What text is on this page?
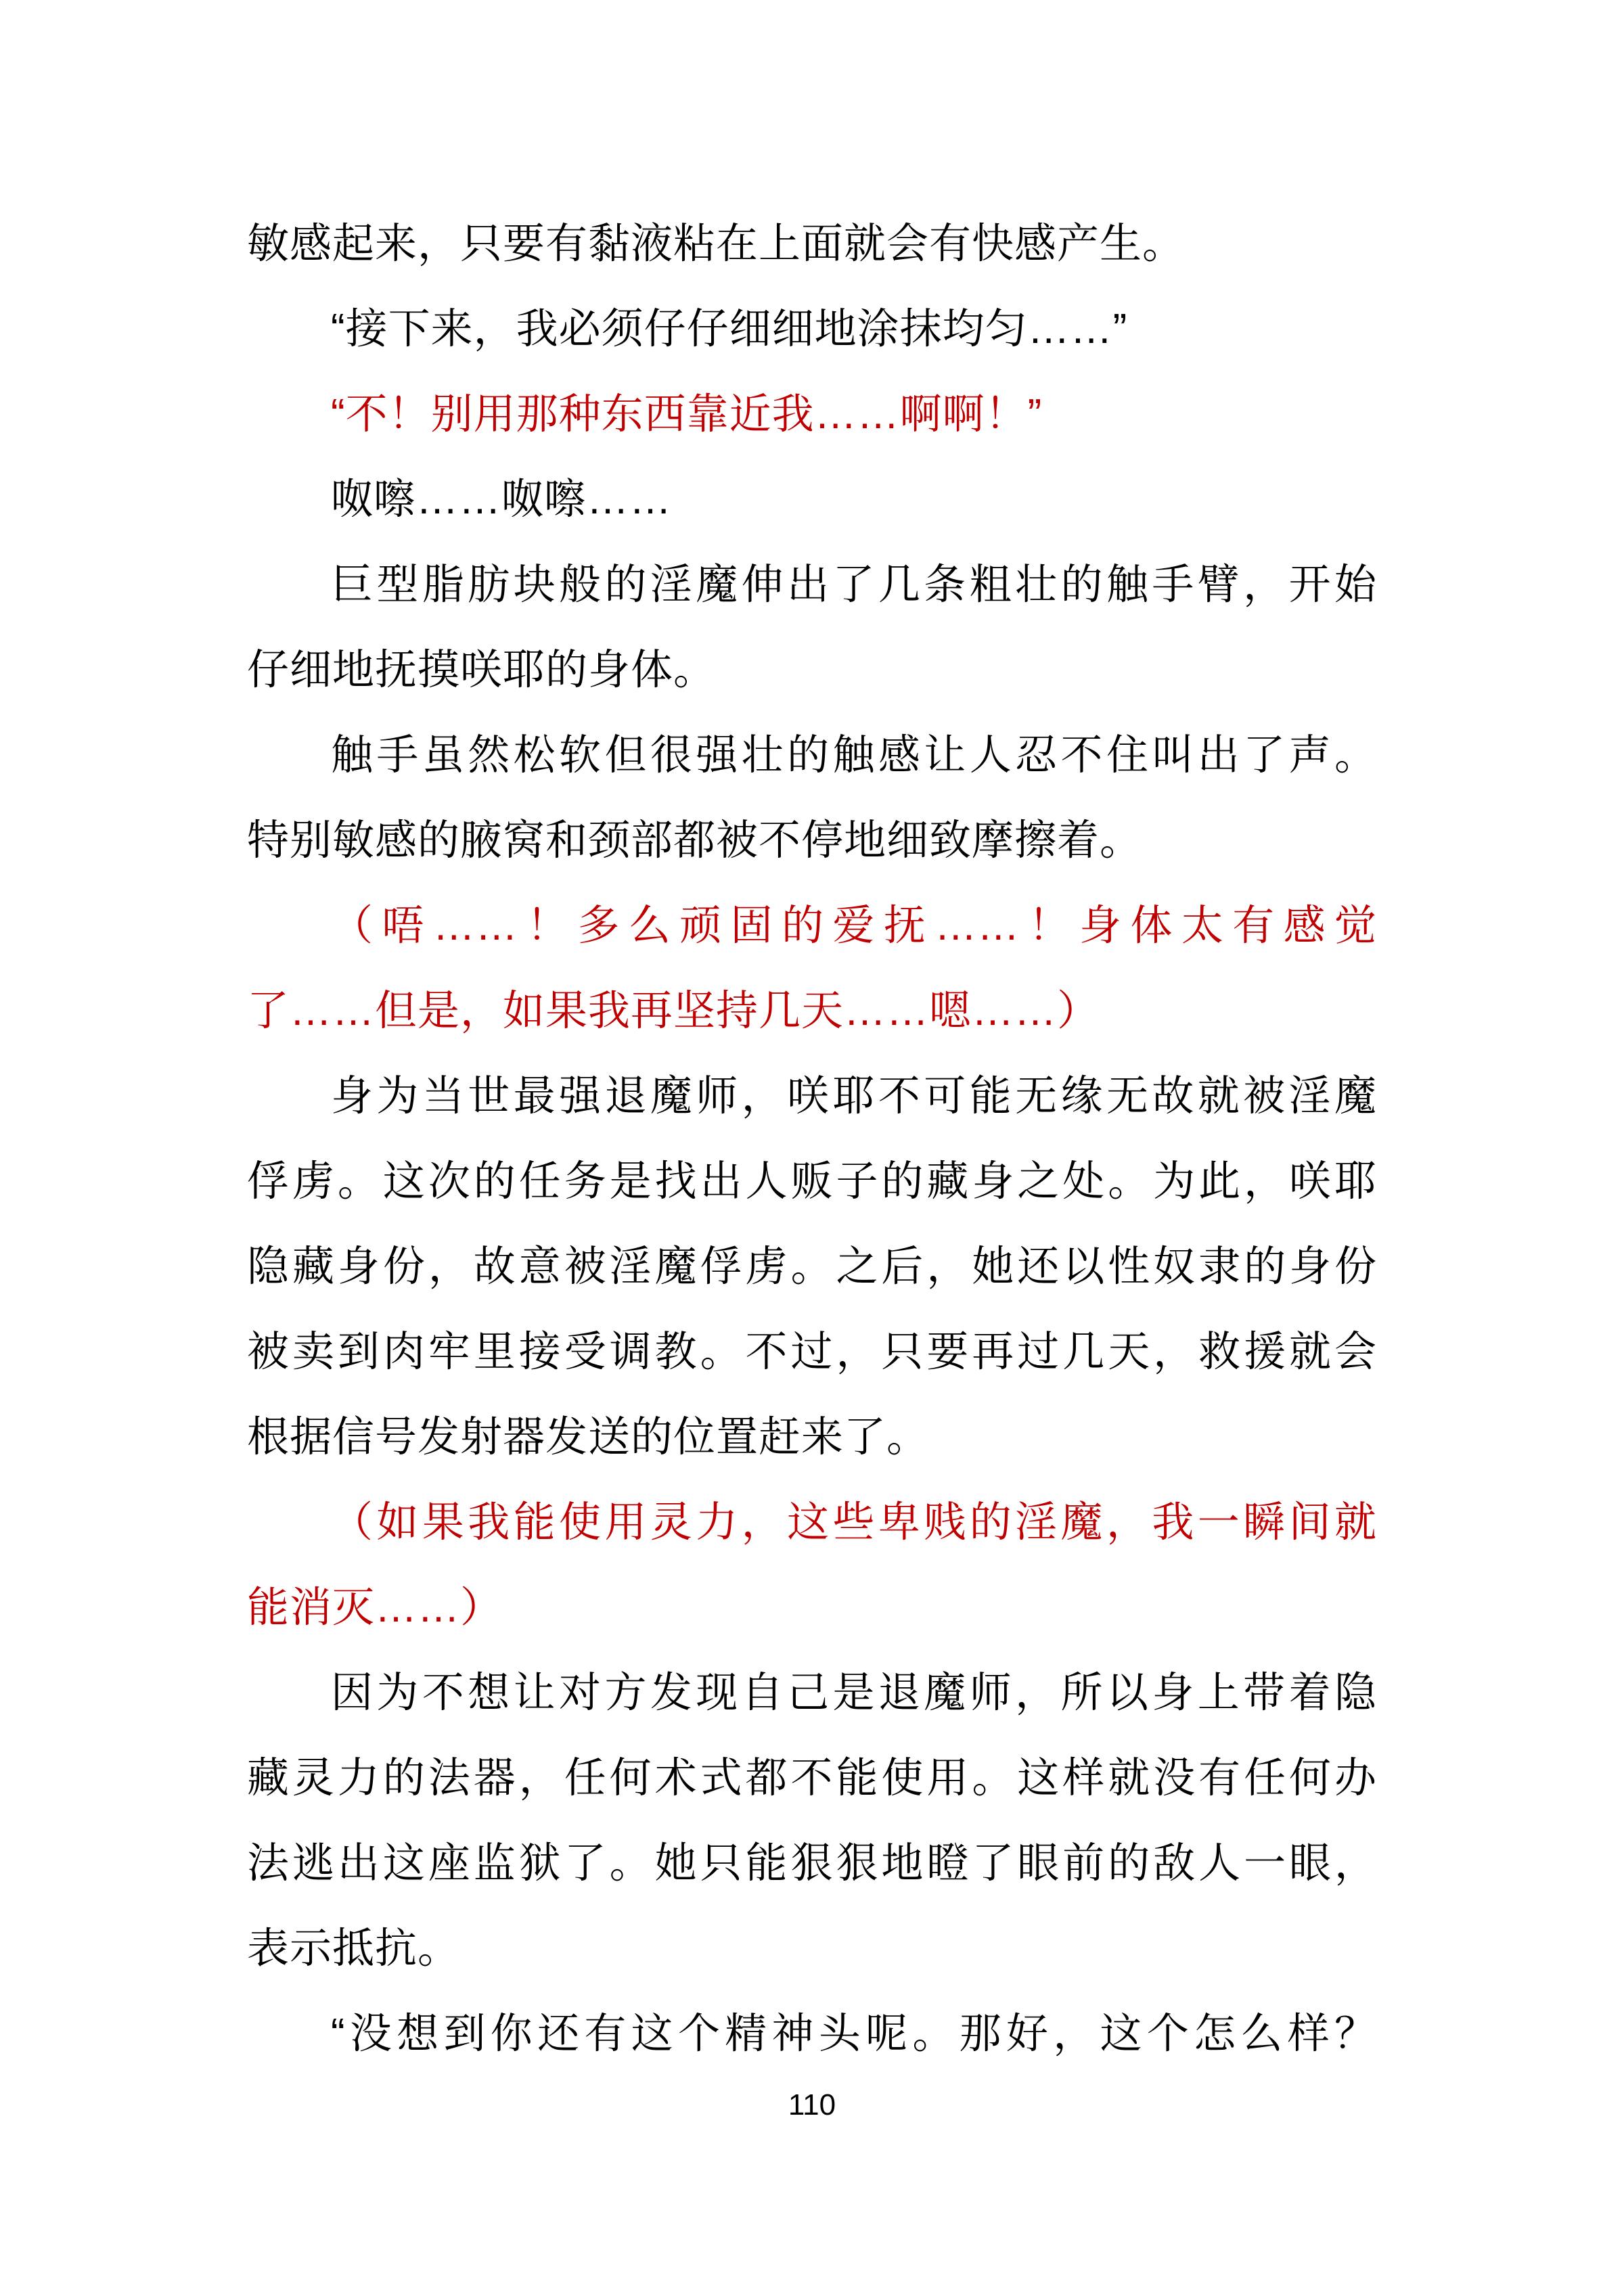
敏感起来，只要有黏液粘在上面就会有快感产生。
“接下来，我必须仔仔细细地涂抹均匀……”
“不！别用那种东西靠近我……啊啊！”
呶嚓……呶嚓……
巨型脂肪块般的淫魔伸出了几条粗壮的触手臂，开始
仔细地抚摸咲耶的身体。
触手虽然松软但很强壮的触感让人忍不住叫出了声。
特别敏感的腋窝和颈部都被不停地细致摩擦着。
（唔……！多么顽固的爱抚……！身体太有感觉
了……但是，如果我再坚持几天……嗯……）
身为当世最强退魔师，咲耶不可能无缘无故就被淫魔
俘虏。这次的任务是找出人贩子的藏身之处。为此，咲耶
隐藏身份，故意被淫魔俘虏。之后，她还以性奴隶的身份
被卖到肉牢里接受调教。不过，只要再过几天，救援就会
根据信号发射器发送的位置赶来了。
（如果我能使用灵力，这些卑贱的淫魔，我一瞬间就
能消灭……）
因为不想让对方发现自己是退魔师，所以身上带着隐
藏灵力的法器，任何术式都不能使用。这样就没有任何办
法逃出这座监狱了。她只能狠狠地瞪了眼前的敌人一眼，
表示抵抗。
“没想到你还有这个精神头呢。那好，这个怎么样？
110
